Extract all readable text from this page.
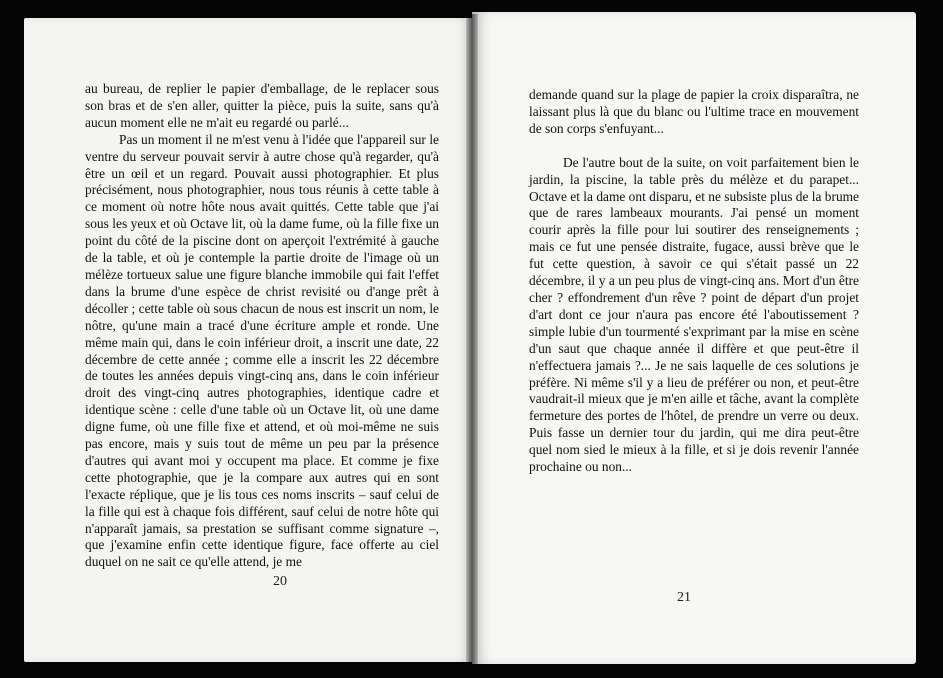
au bureau, de replier le papier d'emballage, de le replacer sous son bras et de s'en aller, quitter la pièce, puis la suite, sans qu'à aucun moment elle ne m'ait eu regardé ou parlé...

Pas un moment il ne m'est venu à l'idée que l'appareil sur le ventre du serveur pouvait servir à autre chose qu'à regarder, qu'à être un œil et un regard. Pouvait aussi photographier. Et plus précisément, nous photographier, nous tous réunis à cette table à ce moment où notre hôte nous avait quittés. Cette table que j'ai sous les yeux et où Octave lit, où la dame fume, où la fille fixe un point du côté de la piscine dont on aperçoit l'extrémité à gauche de la table, et où je contemple la partie droite de l'image où un mélèze tortueux salue une figure blanche immobile qui fait l'effet dans la brume d'une espèce de christ revisité ou d'ange prêt à décoller ; cette table où sous chacun de nous est inscrit un nom, le nôtre, qu'une main a tracé d'une écriture ample et ronde. Une même main qui, dans le coin inférieur droit, a inscrit une date, 22 décembre de cette année ; comme elle a inscrit les 22 décembre de toutes les années depuis vingt-cinq ans, dans le coin inférieur droit des vingt-cinq autres photographies, identique cadre et identique scène : celle d'une table où un Octave lit, où une dame digne fume, où une fille fixe et attend, et où moi-même ne suis pas encore, mais y suis tout de même un peu par la présence d'autres qui avant moi y occupent ma place. Et comme je fixe cette photographie, que je la compare aux autres qui en sont l'exacte réplique, que je lis tous ces noms inscrits – sauf celui de la fille qui est à chaque fois différent, sauf celui de notre hôte qui n'apparaît jamais, sa prestation se suffisant comme signature –, que j'examine enfin cette identique figure, face offerte au ciel duquel on ne sait ce qu'elle attend, je me

20

demande quand sur la plage de papier la croix disparaîtra, ne laissant plus là que du blanc ou l'ultime trace en mouvement de son corps s'enfuyant...

De l'autre bout de la suite, on voit parfaitement bien le jardin, la piscine, la table près du mélèze et du parapet... Octave et la dame ont disparu, et ne subsiste plus de la brume que de rares lambeaux mourants. J'ai pensé un moment courir après la fille pour lui soutirer des renseignements ; mais ce fut une pensée distraite, fugace, aussi brève que le fut cette question, à savoir ce qui s'était passé un 22 décembre, il y a un peu plus de vingt-cinq ans. Mort d'un être cher ? effondrement d'un rêve ? point de départ d'un projet d'art dont ce jour n'aura pas encore été l'aboutissement ? simple lubie d'un tourmenté s'exprimant par la mise en scène d'un saut que chaque année il diffère et que peut-être il n'effectuera jamais ?... Je ne sais laquelle de ces solutions je préfère. Ni même s'il y a lieu de préférer ou non, et peut-être vaudrait-il mieux que je m'en aille et tâche, avant la complète fermeture des portes de l'hôtel, de prendre un verre ou deux. Puis fasse un dernier tour du jardin, qui me dira peut-être quel nom sied le mieux à la fille, et si je dois revenir l'année prochaine ou non...

21
